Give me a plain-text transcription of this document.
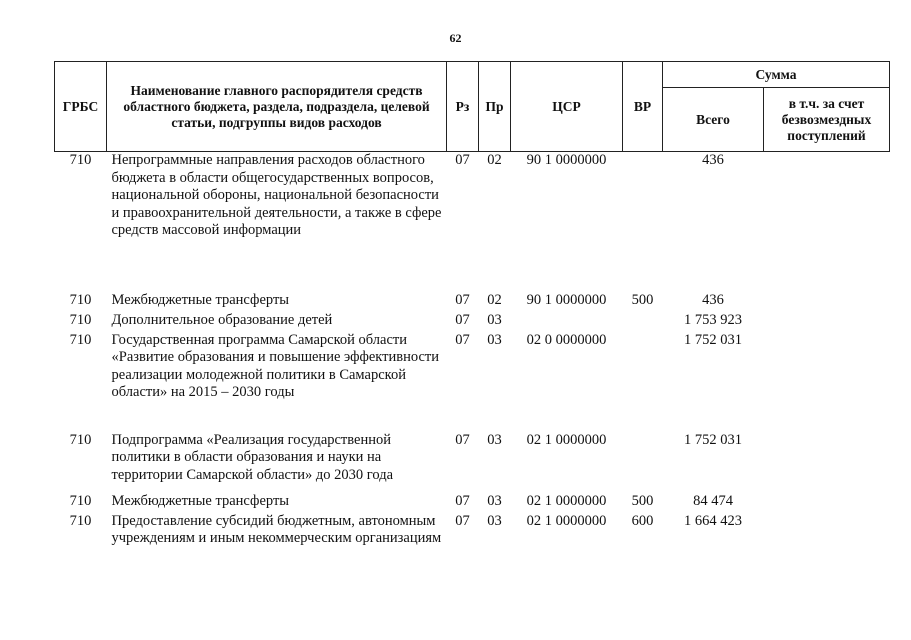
62
ГРБС	Наименование главного распорядителя средств областного бюджета, раздела, подраздела, целевой статьи, подгруппы видов расходов	Рз	Пр	ЦСР	ВР	Сумма	
						Всего	в т.ч. за счет безвозмездных поступлений
710	Непрограммные направления расходов областного бюджета в области общегосударственных вопросов, национальной обороны, национальной безопасности и правоохранительной деятельности, а также в сфере средств массовой информации	07	02	90 1 0000000		436	
710	Межбюджетные трансферты	07	02	90 1 0000000	500	436	
710	Дополнительное образование детей	07	03			1 753 923	
710	Государственная программа Самарской области «Развитие образования и повышение эффективности реализации молодежной политики в Самарской области» на 2015 – 2030 годы	07	03	02 0 0000000		1 752 031	
710	Подпрограмма «Реализация государственной политики в области образования и науки на территории Самарской области» до 2030 года	07	03	02 1 0000000		1 752 031	
710	Межбюджетные трансферты	07	03	02 1 0000000	500	84 474	
710	Предоставление субсидий бюджетным, автономным учреждениям и иным некоммерческим организациям	07	03	02 1 0000000	600	1 664 423	
